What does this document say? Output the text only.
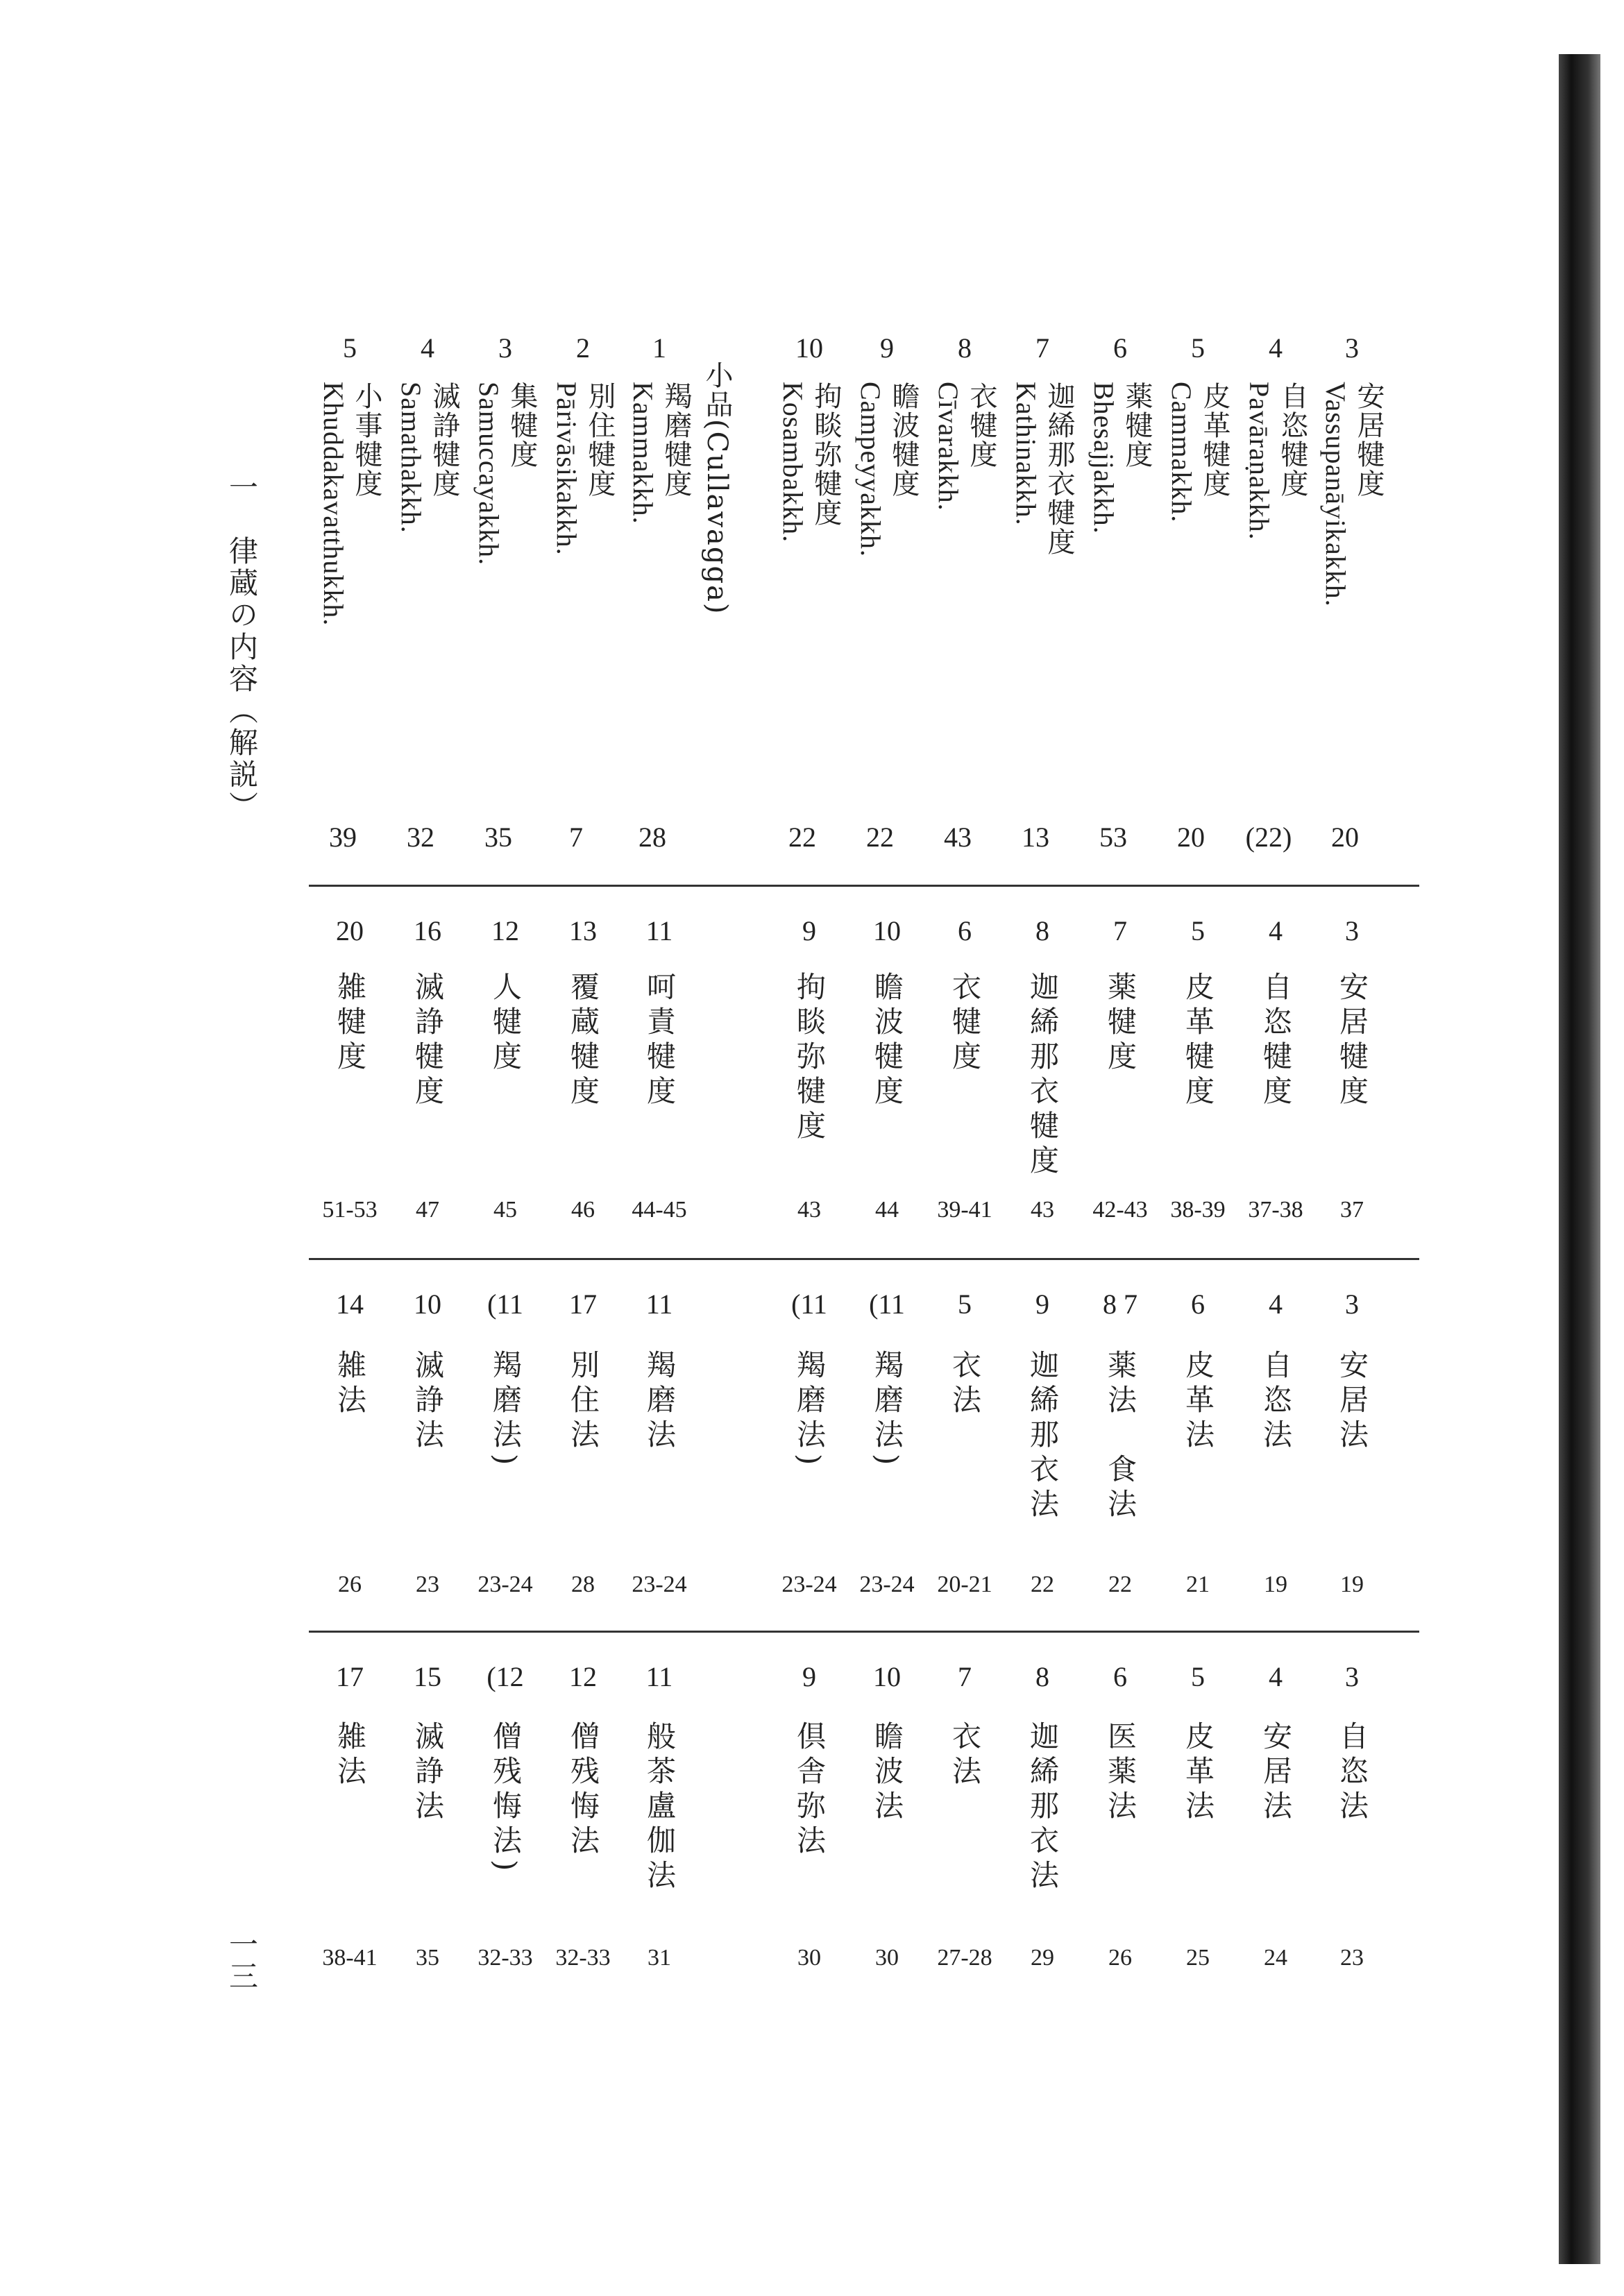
小品(Cullavagga)
一　律蔵の内容（解説）
一三
3
安居犍度
Vassupanāyikakkh.
20
3
安居犍度
37
3
安居法
19
3
自恣法
23
4
自恣犍度
Pavāraṇakkh.
(22)
4
自恣犍度
37-38
4
自恣法
19
4
安居法
24
5
皮革犍度
Cammakkh.
20
5
皮革犍度
38-39
6
皮革法
21
5
皮革法
25
6
薬犍度
Bhesajjakkh.
53
7
薬犍度
42-43
8 7
薬法　食法
22
6
医薬法
26
7
迦絺那衣犍度
Kathinakkh.
13
8
迦絺那衣犍度
43
9
迦絺那衣法
22
8
迦絺那衣法
29
8
衣犍度
Cīvarakkh.
43
6
衣犍度
39-41
5
衣法
20-21
7
衣法
27-28
9
瞻波犍度
Campeyyakkh.
22
10
瞻波犍度
44
(11
羯磨法)
23-24
10
瞻波法
30
10
拘睒弥犍度
Kosambakkh.
22
9
拘睒弥犍度
43
(11
羯磨法)
23-24
9
倶舎弥法
30
1
羯磨犍度
Kammakkh.
28
11
呵責犍度
44-45
11
羯磨法
23-24
11
般茶盧伽法
31
2
別住犍度
Pārivāsikakkh.
7
13
覆蔵犍度
46
17
別住法
28
12
僧残悔法
32-33
3
集犍度
Samuccayakkh.
35
12
人犍度
45
(11
羯磨法)
23-24
(12
僧残悔法)
32-33
4
滅諍犍度
Samathakkh.
32
16
滅諍犍度
47
10
滅諍法
23
15
滅諍法
35
5
小事犍度
Khuddakavatthukkh.
39
20
雑犍度
51-53
14
雑法
26
17
雑法
38-41
